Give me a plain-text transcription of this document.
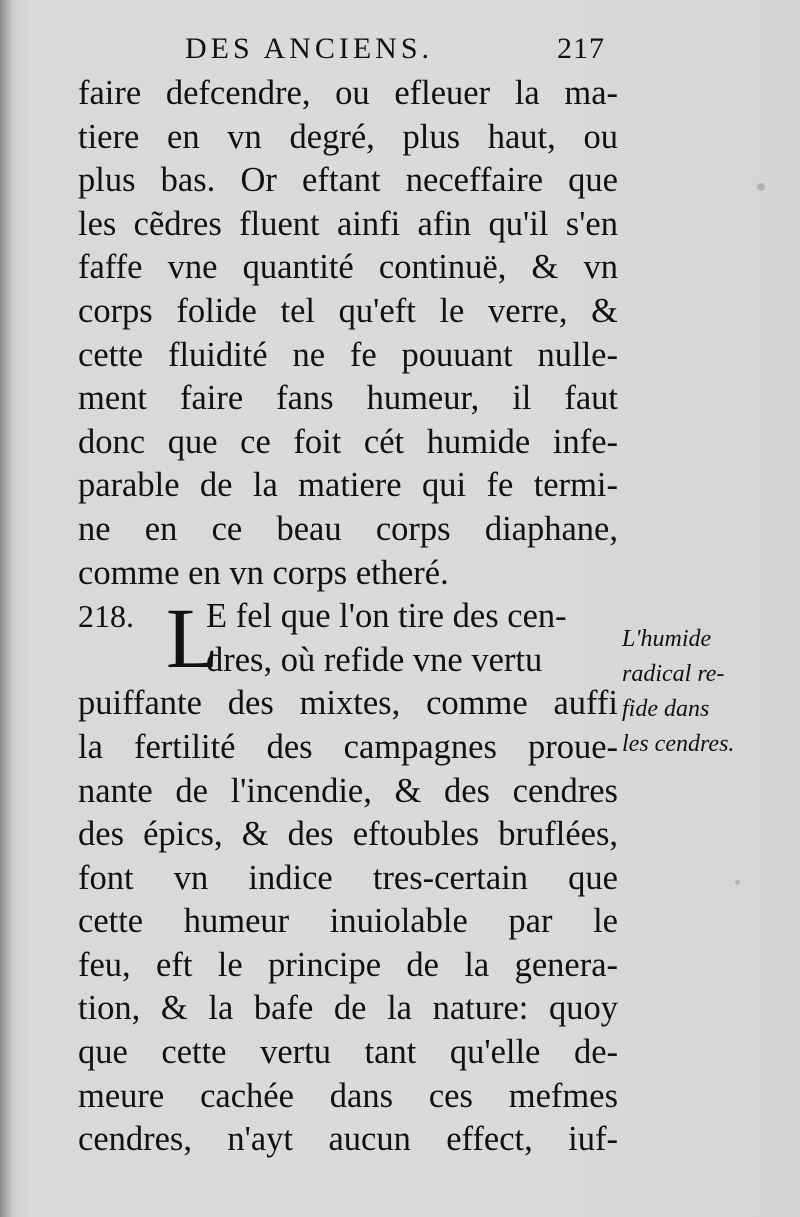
DES ANCIENS.	217
faire defcendre, ou efleuer la ma-
tiere en vn degré, plus haut, ou
plus bas. Or eftant neceffaire que
les cẽdres fluent ainfi afin qu'il s'en
faffe vne quantité continuë, & vn
corps folide tel qu'eft le verre, &
cette fluidité ne fe pouuant nulle-
ment faire fans humeur, il faut
donc que ce foit cét humide infe-
parable de la matiere qui fe termi-
ne en ce beau corps diaphane,
comme en vn corps etheré.
L
218. E fel que l'on tire des cen-
dres, où refide vne vertu
puiffante des mixtes, comme auffi
la fertilité des campagnes proue-
nante de l'incendie, & des cendres
des épics, & des eftoubles bruflées,
font vn indice tres-certain que
cette humeur inuiolable par le
feu, eft le principe de la genera-
tion, & la bafe de la nature: quoy
que cette vertu tant qu'elle de-
meure cachée dans ces mefmes
cendres, n'ayt aucun effect, iuf-
L'humide
radical re-
fide dans
les cendres.
